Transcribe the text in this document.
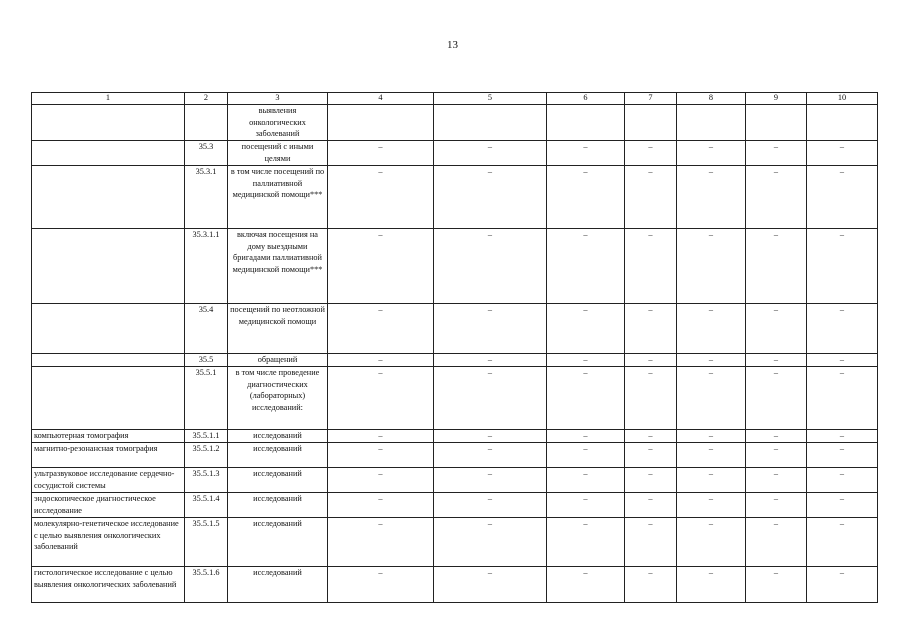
13
1	2	3	4	5	6	7	8	9	10
		выявления онкологических заболеваний							
	35.3	посещений с иными целями	–	–	–	–	–	–	–
	35.3.1	в том числе посещений по паллиативной медицинской помощи***	–	–	–	–	–	–	–
	35.3.1.1	включая посещения на дому выездными бригадами паллиативной медицинской помощи***	–	–	–	–	–	–	–
	35.4	посещений по неотложной медицинской помощи	–	–	–	–	–	–	–
	35.5	обращений	–	–	–	–	–	–	–
	35.5.1	в том числе проведение диагностических (лабораторных) исследований:	–	–	–	–	–	–	–
компьютерная томография	35.5.1.1	исследований	–	–	–	–	–	–	–
магнитно-резонансная томография	35.5.1.2	исследований	–	–	–	–	–	–	–
ультразвуковое исследование сердечно-сосудистой системы	35.5.1.3	исследований	–	–	–	–	–	–	–
эндоскопическое диагностическое исследование	35.5.1.4	исследований	–	–	–	–	–	–	–
молекулярно-генетическое исследование с целью выявления онкологических заболеваний	35.5.1.5	исследований	–	–	–	–	–	–	–
гистологическое исследование с целью выявления онкологических заболеваний	35.5.1.6	исследований	–	–	–	–	–	–	–
